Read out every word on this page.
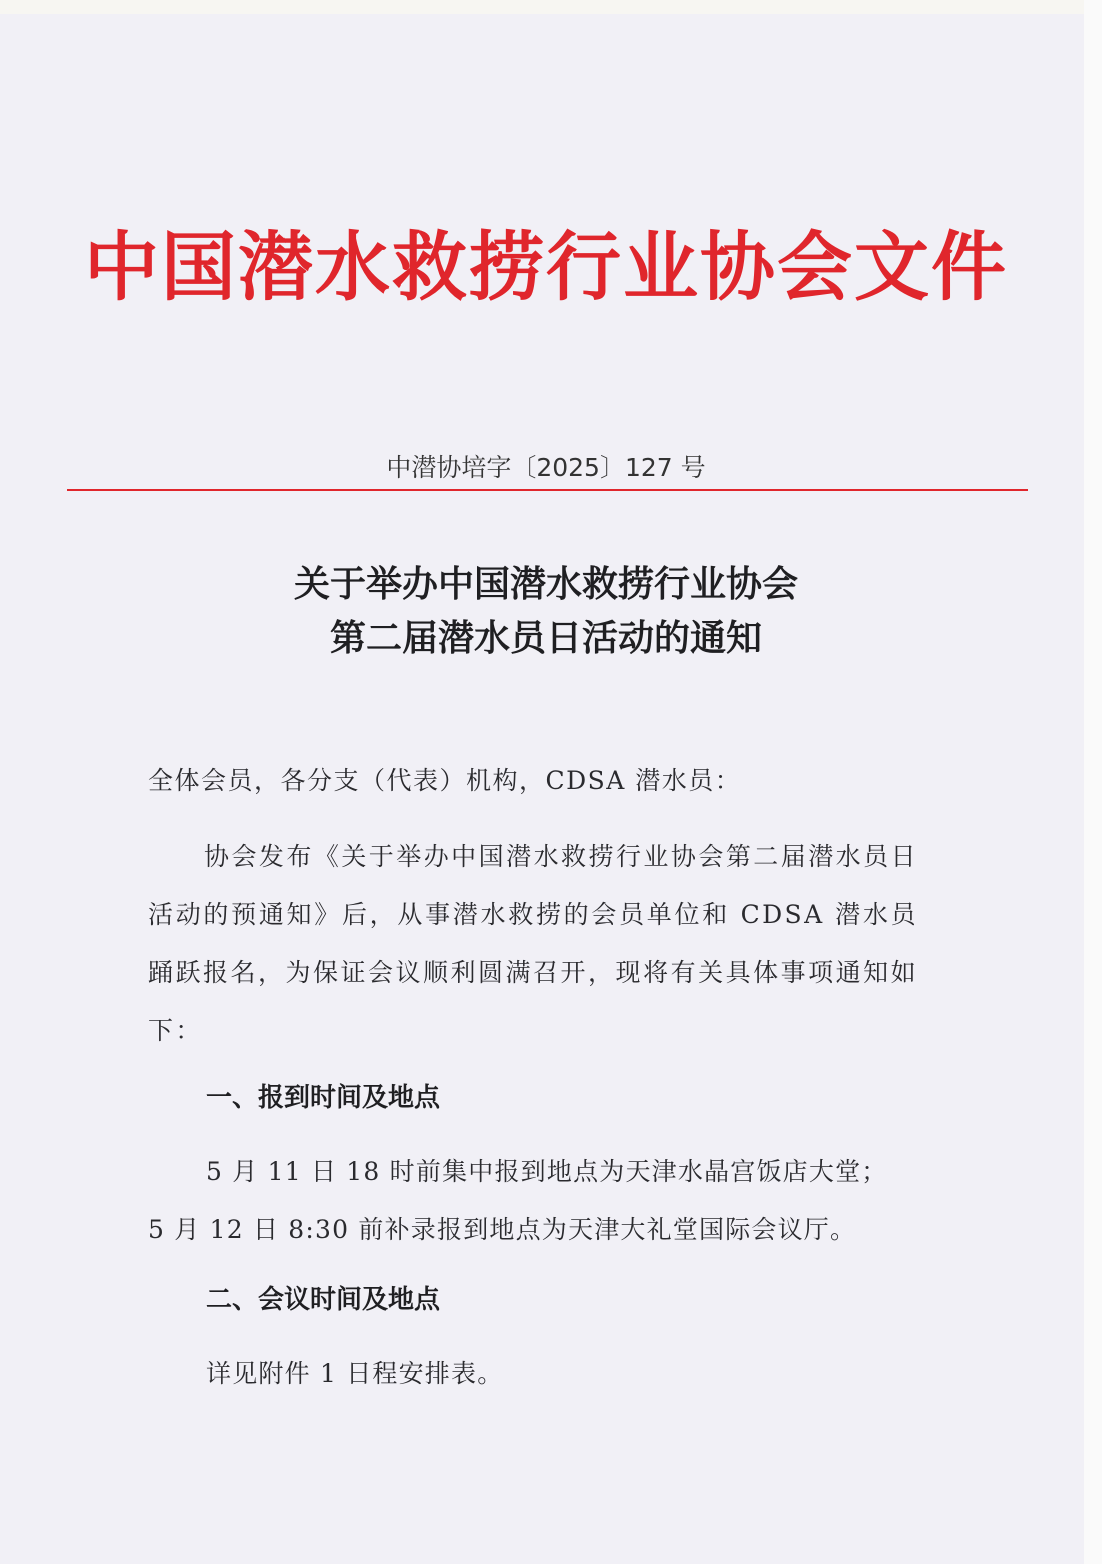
中国潜水救捞行业协会文件
中潜协培字〔2025〕127 号
关于举办中国潜水救捞行业协会
第二届潜水员日活动的通知
全体会员，各分支（代表）机构，CDSA 潜水员：
协会发布《关于举办中国潜水救捞行业协会第二届潜水员日活动的预通知》后，从事潜水救捞的会员单位和 CDSA 潜水员踊跃报名，为保证会议顺利圆满召开，现将有关具体事项通知如下：
一、报到时间及地点
5 月 11 日 18 时前集中报到地点为天津水晶宫饭店大堂；
5 月 12 日 8:30 前补录报到地点为天津大礼堂国际会议厅。
二、会议时间及地点
详见附件 1 日程安排表。
